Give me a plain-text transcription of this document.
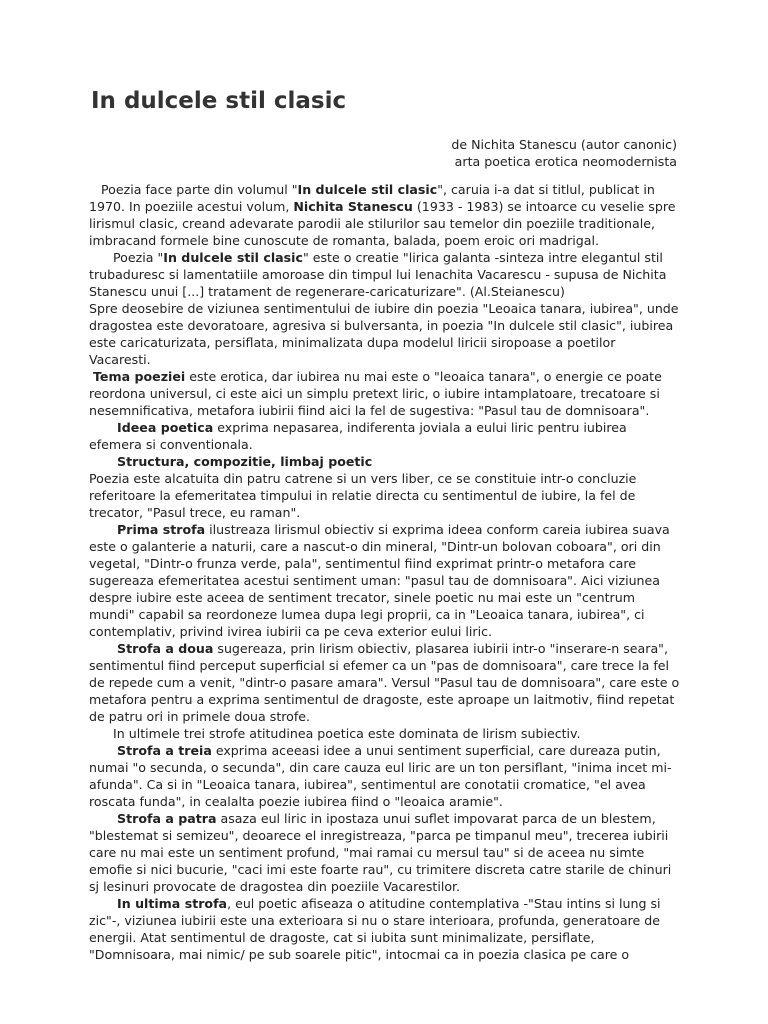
In dulcele stil clasic
de Nichita Stanescu (autor canonic)
arta poetica erotica neomodernista

Poezia face parte din volumul "In dulcele stil clasic", caruia i-a dat si titlul, publicat in 1970. In poeziile acestui volum, Nichita Stanescu (1933 - 1983) se intoarce cu veselie spre lirismul clasic, creand adevarate parodii ale stilurilor sau temelor din poeziile traditionale, imbracand formele bine cunoscute de romanta, balada, poem eroic ori madrigal.

Poezia "In dulcele stil clasic" este o creatie "lirica galanta -sinteza intre elegantul stil trubaduresc si lamentatiile amoroase din timpul lui Ienachita Vacarescu - supusa de Nichita Stanescu unui [...] tratament de regenerare-caricaturizare". (Al.Steianescu)

Spre deosebire de viziunea sentimentului de iubire din poezia "Leoaica tanara, iubirea", unde dragostea este devoratoare, agresiva si bulversanta, in poezia "In dulcele stil clasic", iubirea este caricaturizata, persiflata, minimalizata dupa modelul liricii siropoase a poetilor Vacaresti.

Tema poeziei este erotica, dar iubirea nu mai este o "leoaica tanara", o energie ce poate reordona universul, ci este aici un simplu pretext liric, o iubire intamplatoare, trecatoare si nesemnificativa, metafora iubirii fiind aici la fel de sugestiva: "Pasul tau de domnisoara".

Ideea poetica exprima nepasarea, indiferenta joviala a eului liric pentru iubirea efemera si conventionala.

Structura, compozitie, limbaj poetic

Poezia este alcatuita din patru catrene si un vers liber, ce se constituie intr-o concluzie referitoare la efemeritatea timpului in relatie directa cu sentimentul de iubire, la fel de trecator, "Pasul trece, eu raman".

Prima strofa ilustreaza lirismul obiectiv si exprima ideea conform careia iubirea suava este o galanterie a naturii, care a nascut-o din mineral, "Dintr-un bolovan coboara", ori din vegetal, "Dintr-o frunza verde, pala", sentimentul fiind exprimat printr-o metafora care sugereaza efemeritatea acestui sentiment uman: "pasul tau de domnisoara". Aici viziunea despre iubire este aceea de sentiment trecator, sinele poetic nu mai este un "centrum mundi" capabil sa reordoneze lumea dupa legi proprii, ca in "Leoaica tanara, iubirea", ci contemplativ, privind ivirea iubirii ca pe ceva exterior eului liric.

Strofa a doua sugereaza, prin lirism obiectiv, plasarea iubirii intr-o "inserare-n seara", sentimentul fiind perceput superficial si efemer ca un "pas de domnisoara", care trece la fel de repede cum a venit, "dintr-o pasare amara". Versul "Pasul tau de domnisoara", care este o metafora pentru a exprima sentimentul de dragoste, este aproape un laitmotiv, fiind repetat de patru ori in primele doua strofe.

In ultimele trei strofe atitudinea poetica este dominata de lirism subiectiv.

Strofa a treia exprima aceeasi idee a unui sentiment superficial, care dureaza putin, numai "o secunda, o secunda", din care cauza eul liric are un ton persiflant, "inima incet mi-afunda". Ca si in "Leoaica tanara, iubirea", sentimentul are conotatii cromatice, "el avea roscata funda", in cealalta poezie iubirea fiind o "leoaica aramie".

Strofa a patra asaza eul liric in ipostaza unui suflet impovarat parca de un blestem, "blestemat si semizeu", deoarece el inregistreaza, "parca pe timpanul meu", trecerea iubirii care nu mai este un sentiment profund, "mai ramai cu mersul tau" si de aceea nu simte emofie si nici bucurie, "caci imi este foarte rau", cu trimitere discreta catre starile de chinuri sj lesinuri provocate de dragostea din poeziile Vacarestilor.

In ultima strofa, eul poetic afiseaza o atitudine contemplativa -"Stau intins si lung si zic"-, viziunea iubirii este una exterioara si nu o stare interioara, profunda, generatoare de energii. Atat sentimentul de dragoste, cat si iubita sunt minimalizate, persiflate, "Domnisoara, mai nimic/ pe sub soarele pitic", intocmai ca in poezia clasica pe care o
